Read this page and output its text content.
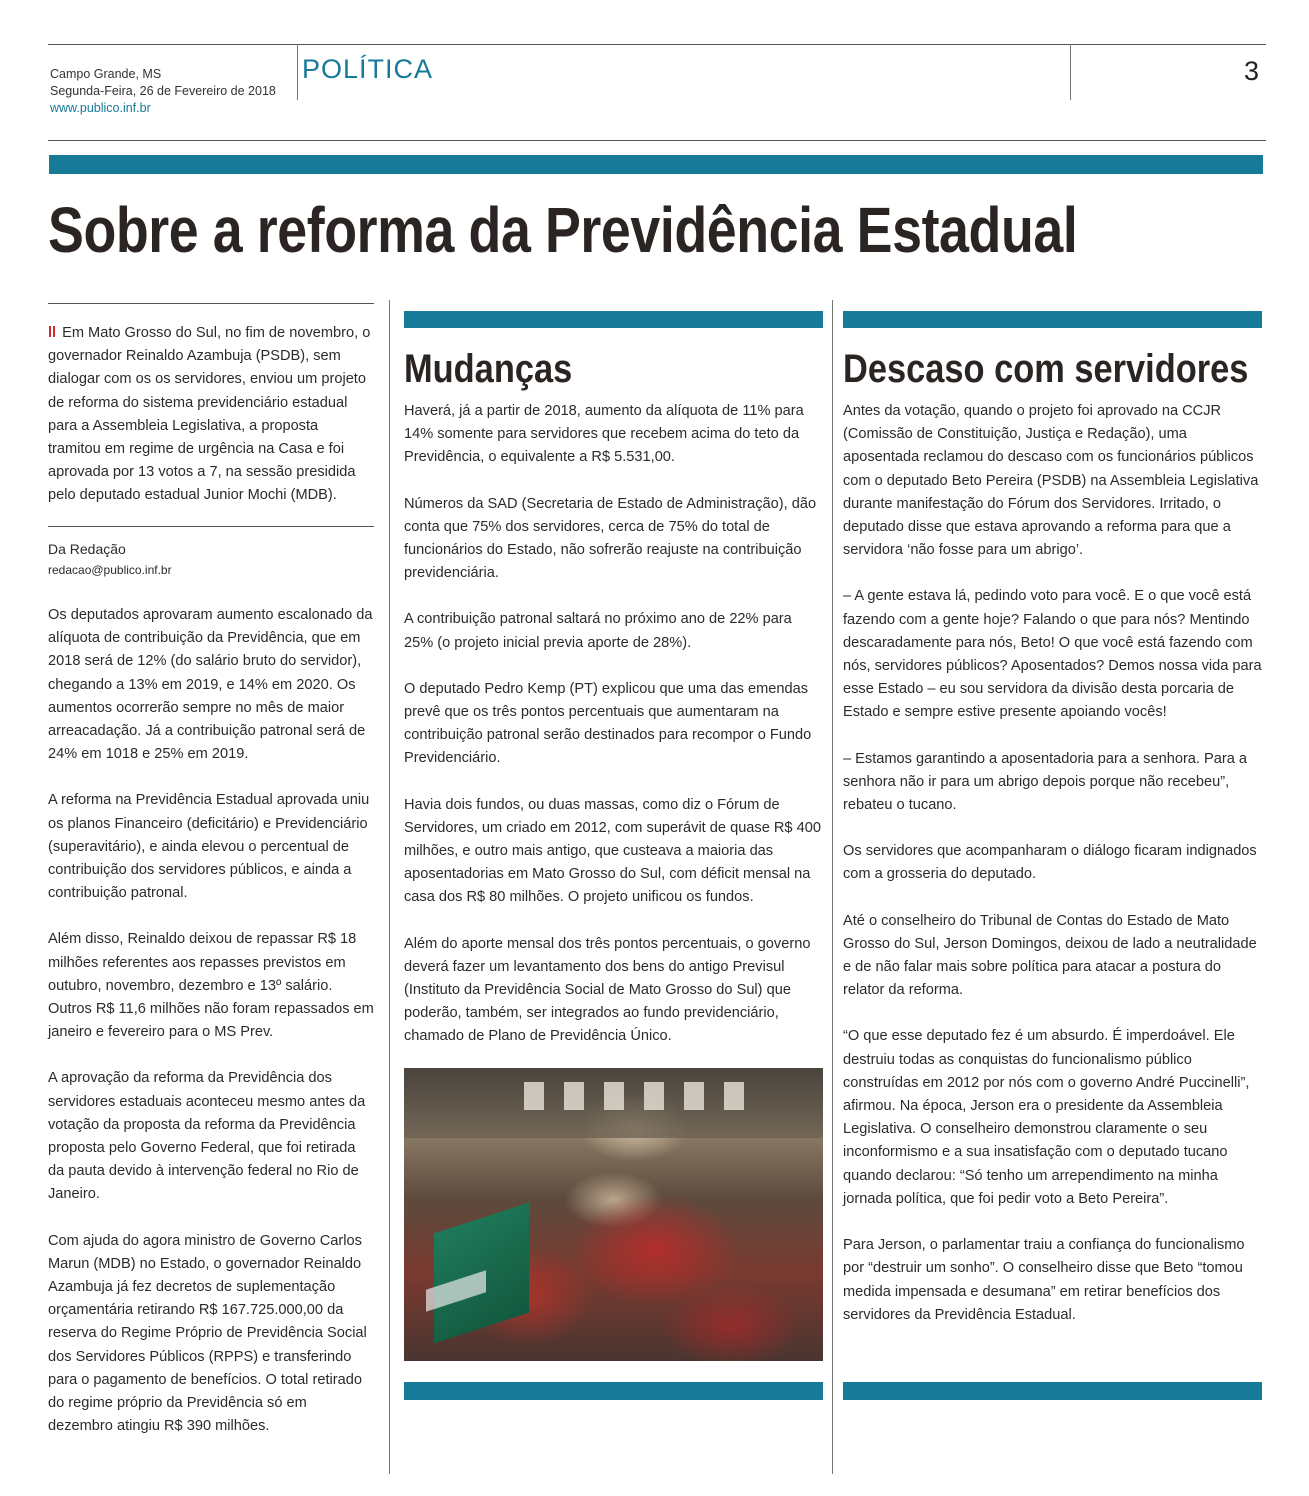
Campo Grande, MS
Segunda-Feira, 26 de Fevereiro de 2018
www.publico.inf.br
POLÍTICA	3
Sobre a reforma da Previdência Estadual

ll Em Mato Grosso do Sul, no fim de novembro, o governador Reinaldo Azambuja (PSDB), sem dialogar com os os servidores, enviou um projeto de reforma do sistema previdenciário estadual para a Assembleia Legislativa, a proposta tramitou em regime de urgência na Casa e foi aprovada por 13 votos a 7, na sessão presidida pelo deputado estadual Junior Mochi (MDB).

Da Redação
redacao@publico.inf.br

Os deputados aprovaram aumento escalonado da alíquota de contribuição da Previdência, que em 2018 será de 12% (do salário bruto do servidor), chegando a 13% em 2019, e 14% em 2020. Os aumentos ocorrerão sempre no mês de maior arreacadação. Já a contribuição patronal será de 24% em 1018 e 25% em 2019.

A reforma na Previdência Estadual aprovada uniu os planos Financeiro (deficitário) e Previdenciário (superavitário), e ainda elevou o percentual de contribuição dos servidores públicos, e ainda a contribuição patronal.

Além disso, Reinaldo deixou de repassar R$ 18 milhões referentes aos repasses previstos em outubro, novembro, dezembro e 13º salário. Outros R$ 11,6 milhões não foram repassados em janeiro e fevereiro para o MS Prev.

A aprovação da reforma da Previdência dos servidores estaduais aconteceu mesmo antes da votação da proposta da reforma da Previdência proposta pelo Governo Federal, que foi retirada da pauta devido à intervenção federal no Rio de Janeiro.

Com ajuda do agora ministro de Governo Carlos Marun (MDB) no Estado, o governador Reinaldo Azambuja já fez decretos de suplementação orçamentária retirando R$ 167.725.000,00 da reserva do Regime Próprio de Previdência Social dos Servidores Públicos (RPPS) e transferindo para o pagamento de benefícios. O total retirado do regime próprio da Previdência só em dezembro atingiu R$ 390 milhões.

Mudanças

Haverá, já a partir de 2018, aumento da alíquota de 11% para 14% somente para servidores que recebem acima do teto da Previdência, o equivalente a R$ 5.531,00.

Números da SAD (Secretaria de Estado de Administração), dão conta que 75% dos servidores, cerca de 75% do total de funcionários do Estado, não sofrerão reajuste na contribuição previdenciária.

A contribuição patronal saltará no próximo ano de 22% para 25% (o projeto inicial previa aporte de 28%).

O deputado Pedro Kemp (PT) explicou que uma das emendas prevê que os três pontos percentuais que aumentaram na contribuição patronal serão destinados para recompor o Fundo Previdenciário.

Havia dois fundos, ou duas massas, como diz o Fórum de Servidores, um criado em 2012, com superávit de quase R$ 400 milhões, e outro mais antigo, que custeava a maioria das aposentadorias em Mato Grosso do Sul, com déficit mensal na casa dos R$ 80 milhões. O projeto unificou os fundos.

Além do aporte mensal dos três pontos percentuais, o governo deverá fazer um levantamento dos bens do antigo Previsul (Instituto da Previdência Social de Mato Grosso do Sul) que poderão, também, ser integrados ao fundo previdenciário, chamado de Plano de Previdência Único.

Descaso com servidores

Antes da votação, quando o projeto foi aprovado na CCJR (Comissão de Constituição, Justiça e Redação), uma aposentada reclamou do descaso com os funcionários públicos com o deputado Beto Pereira (PSDB) na Assembleia Legislativa durante manifestação do Fórum dos Servidores. Irritado, o deputado disse que estava aprovando a reforma para que a servidora ‘não fosse para um abrigo’.

– A gente estava lá, pedindo voto para você. E o que você está fazendo com a gente hoje? Falando o que para nós? Mentindo descaradamente para nós, Beto! O que você está fazendo com nós, servidores públicos? Aposentados? Demos nossa vida para esse Estado – eu sou servidora da divisão desta porcaria de Estado e sempre estive presente apoiando vocês!

– Estamos garantindo a aposentadoria para a senhora. Para a senhora não ir para um abrigo depois porque não recebeu”, rebateu o tucano.

Os servidores que acompanharam o diálogo ficaram indignados com a grosseria do deputado.

Até o conselheiro do Tribunal de Contas do Estado de Mato Grosso do Sul, Jerson Domingos, deixou de lado a neutralidade e de não falar mais sobre política para atacar a postura do relator da reforma.

“O que esse deputado fez é um absurdo. É imperdoável. Ele destruiu todas as conquistas do funcionalismo público construídas em 2012 por nós com o governo André Puccinelli”, afirmou. Na época, Jerson era o presidente da Assembleia Legislativa. O conselheiro demonstrou claramente o seu inconformismo e a sua insatisfação com o deputado tucano quando declarou: “Só tenho um arrependimento na minha jornada política, que foi pedir voto a Beto Pereira”.

Para Jerson, o parlamentar traiu a confiança do funcionalismo por “destruir um sonho”. O conselheiro disse que Beto “tomou medida impensada e desumana” em retirar benefícios dos servidores da Previdência Estadual.
